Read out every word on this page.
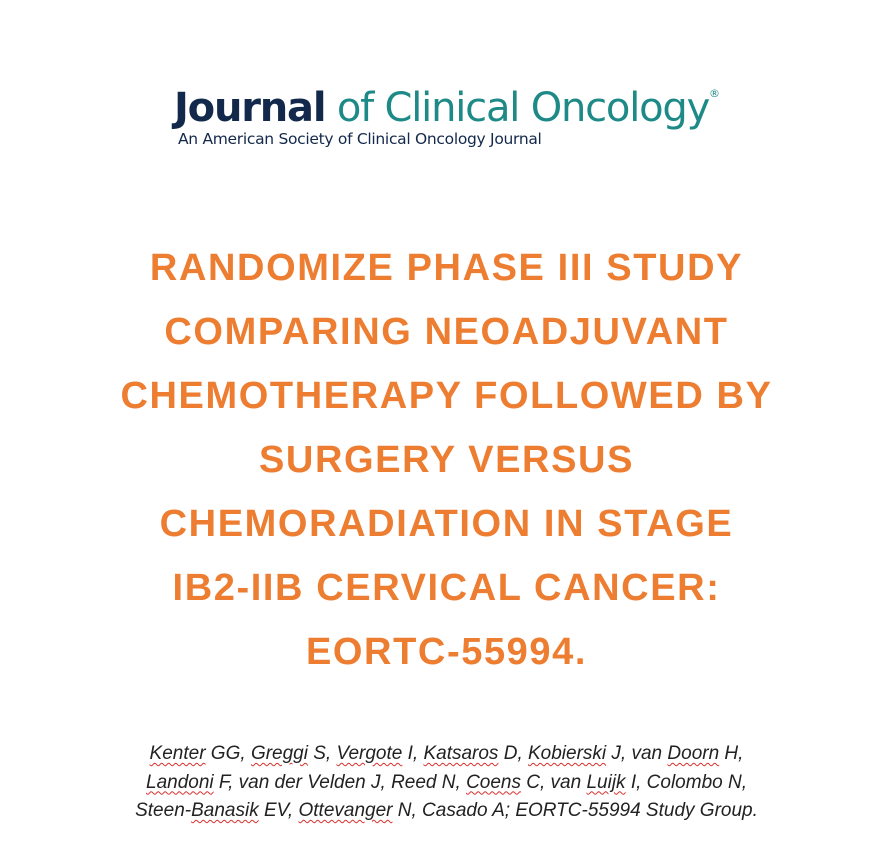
Journal of Clinical Oncology®
An American Society of Clinical Oncology Journal
RANDOMIZE PHASE III STUDY
COMPARING NEOADJUVANT
CHEMOTHERAPY FOLLOWED BY
SURGERY VERSUS
CHEMORADIATION IN STAGE
IB2-IIB CERVICAL CANCER:
EORTC-55994.
Kenter GG, Greggi S, Vergote I, Katsaros D, Kobierski J, van Doorn H,
Landoni F, van der Velden J, Reed N, Coens C, van Luijk I, Colombo N,
Steen-Banasik EV, Ottevanger N, Casado A; EORTC-55994 Study Group.
